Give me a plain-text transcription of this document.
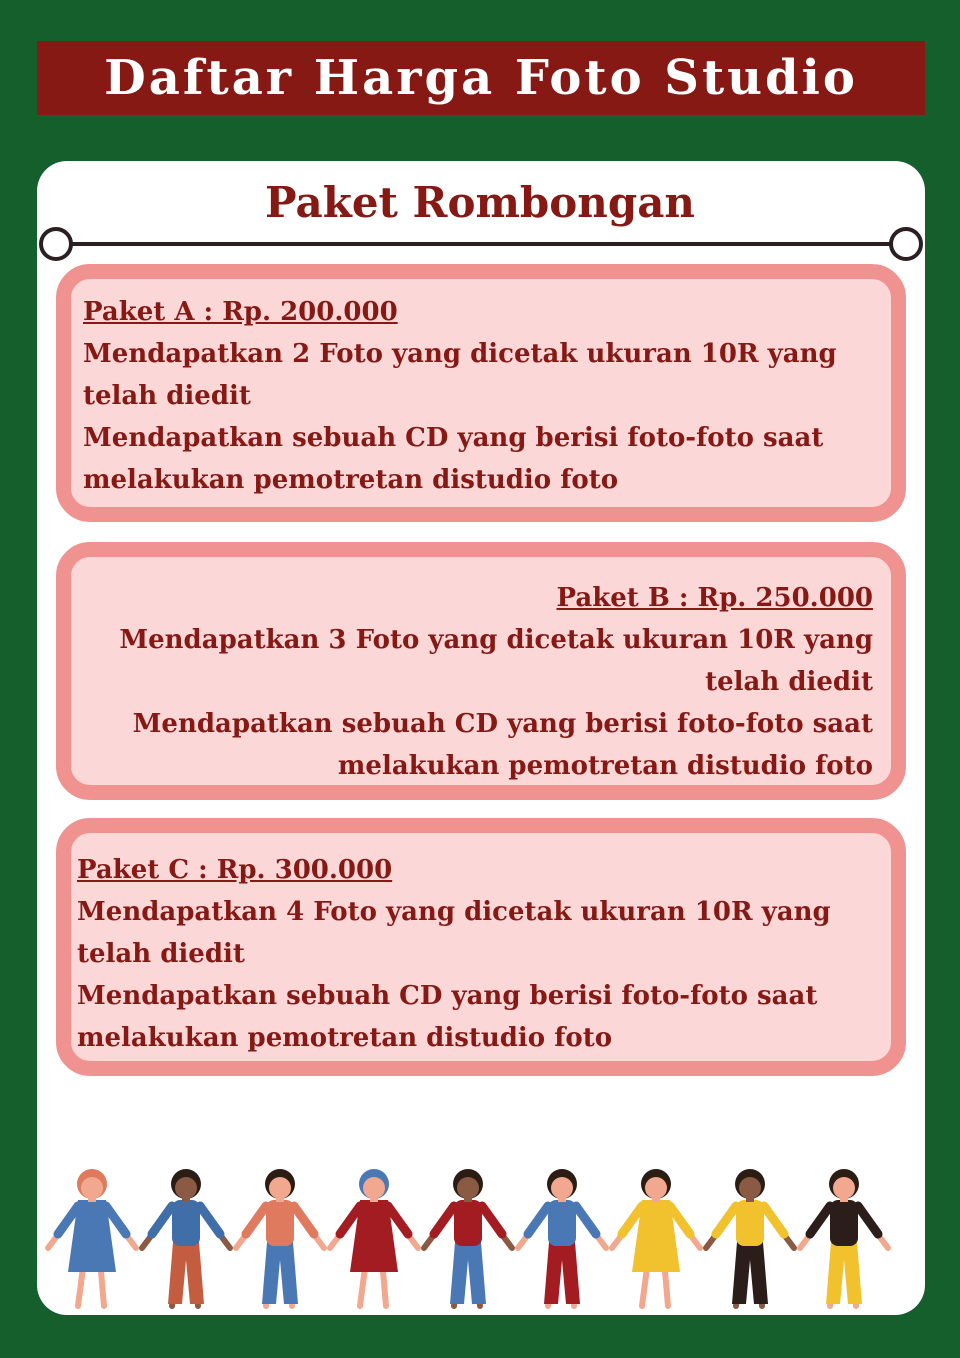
Daftar Harga Foto Studio
Paket Rombongan

Paket A : Rp. 200.000

Mendapatkan 2 Foto yang dicetak ukuran 10R yang

telah diedit

Mendapatkan sebuah CD yang berisi foto-foto saat

melakukan pemotretan distudio foto

Paket B : Rp. 250.000

Mendapatkan 3 Foto yang dicetak ukuran 10R yang

telah diedit

Mendapatkan sebuah CD yang berisi foto-foto saat

melakukan pemotretan distudio foto

Paket C : Rp. 300.000

Mendapatkan 4 Foto yang dicetak ukuran 10R yang

telah diedit

Mendapatkan sebuah CD yang berisi foto-foto saat

melakukan pemotretan distudio foto
